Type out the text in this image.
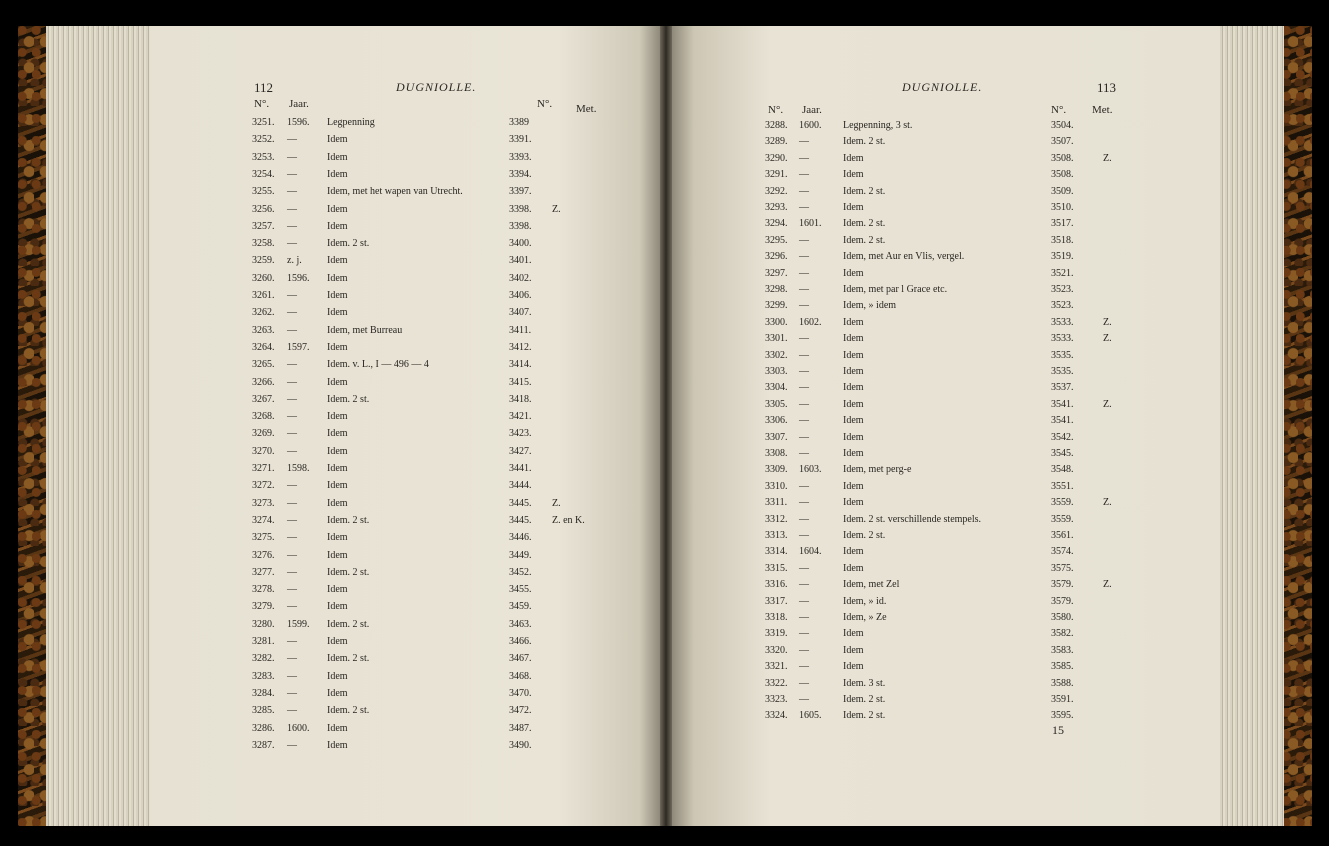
112	DUGNIOLLE.
N°. Jaar.	N°. Met.
3251. 1596. Legpenning	3389
3252. —	Idem	3391.
3253. —	Idem	3393.
3254. —	Idem	3394.
3255. —	Idem, met het wapen van Utrecht.	3397.
3256. —	Idem	3398. Z.
3257. —	Idem	3398.
3258. —	Idem. 2 st.	3400.
3259. z. j.	Idem	3401.
3260. 1596. Idem	3402.
3261. —	Idem	3406.
3262. —	Idem	3407.
3263. —	Idem, met Burreau	3411.
3264. 1597. Idem	3412.
3265. —	Idem. v. L., I — 496 — 4	3414.
3266. —	Idem	3415.
3267. —	Idem. 2 st.	3418.
3268. —	Idem	3421.
3269. —	Idem	3423.
3270. —	Idem	3427.
3271. 1598. Idem	3441.
3272. —	Idem	3444.
3273. —	Idem	3445. Z.
3274. —	Idem. 2 st.	3445. Z. en K.
3275. —	Idem	3446.
3276. —	Idem	3449.
3277. —	Idem. 2 st.	3452.
3278. —	Idem	3455.
3279. —	Idem	3459.
3280. 1599. Idem. 2 st.	3463.
3281. —	Idem	3466.
3282. —	Idem. 2 st.	3467.
3283. —	Idem	3468.
3284. —	Idem	3470.
3285. —	Idem. 2 st.	3472.
3286. 1600. Idem	3487.
3287. —	Idem	3490.
113
DUGNIOLLE.
N°. Jaar.	N°. Met.
3288. 1600. Legpenning, 3 st.	3504.
3289. —	Idem. 2 st.	3507.
3290. —	Idem	3508.	Z.
3291. —	Idem	3508.
3292. —	Idem. 2 st.	3509.
3293. —	Idem	3510.
3294. 1601. Idem. 2 st.	3517.
3295. —	Idem. 2 st.	3518.
3296. —	Idem, met Aur en Vlis, vergel.	3519.
3297. —	Idem	3521.
3298. —	Idem, met par l Grace etc.	3523.
3299. —	Idem, » idem	3523.
3300. 1602. Idem	3533.	Z.
3301. —	Idem	3533.	Z.
3302. —	Idem	3535.
3303. —	Idem	3535.
3304. —	Idem	3537.
3305. —	Idem	3541.	Z.
3306. —	Idem	3541.
3307. —	Idem	3542.
3308. —	Idem	3545.
3309. 1603. Idem, met perg-e	3548.
3310. —	Idem	3551.
3311. —	Idem	3559.	Z.
3312. —	Idem. 2 st. verschillende stempels.	3559.
3313. —	Idem. 2 st.	3561.
3314. 1604. Idem	3574.
3315. —	Idem	3575.
3316. —	Idem, met Zel	3579.	Z.
3317. —	Idem, » id.	3579.
3318. —	Idem, » Ze	3580.
3319. —	Idem	3582.
3320. —	Idem	3583.
3321. —	Idem	3585.
3322. —	Idem. 3 st.	3588.
3323. —	Idem. 2 st.	3591.
3324. 1605. Idem. 2 st.	3595.
15
